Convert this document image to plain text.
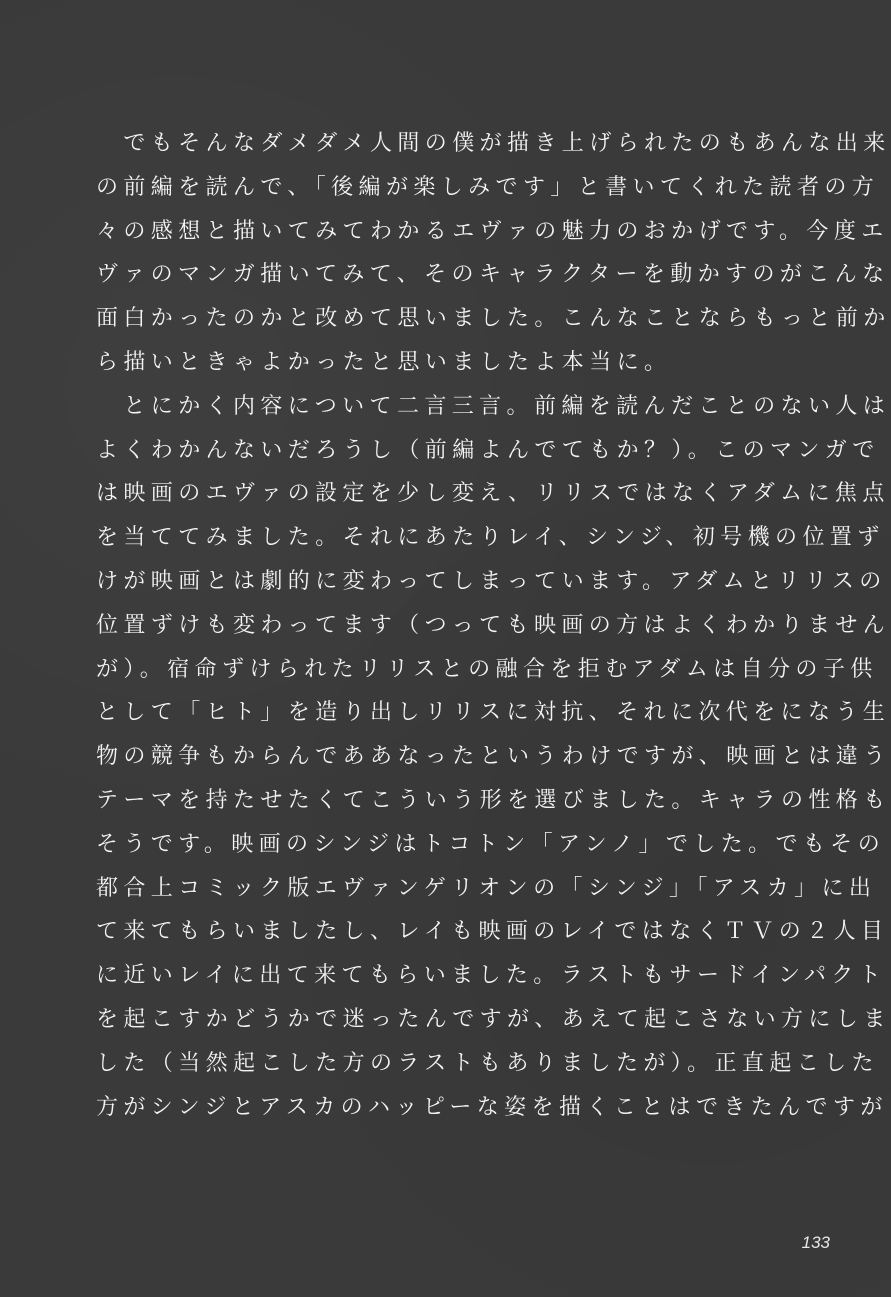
　でもそんなダメダメ人間の僕が描き上げられたのもあんな出来
の前編を読んで、「後編が楽しみです」と書いてくれた読者の方
々の感想と描いてみてわかるエヴァの魅力のおかげです。今度エ
ヴァのマンガ描いてみて、そのキャラクターを動かすのがこんな
面白かったのかと改めて思いました。こんなことならもっと前か
ら描いときゃよかったと思いましたよ本当に。
　とにかく内容について二言三言。前編を読んだことのない人は
よくわかんないだろうし（前編よんでてもか？）。このマンガで
は映画のエヴァの設定を少し変え、リリスではなくアダムに焦点
を当ててみました。それにあたりレイ、シンジ、初号機の位置ず
けが映画とは劇的に変わってしまっています。アダムとリリスの
位置ずけも変わってます（つっても映画の方はよくわかりません
が）。宿命ずけられたリリスとの融合を拒むアダムは自分の子供
として「ヒト」を造り出しリリスに対抗、それに次代をになう生
物の競争もからんでああなったというわけですが、映画とは違う
テーマを持たせたくてこういう形を選びました。キャラの性格も
そうです。映画のシンジはトコトン「アンノ」でした。でもその
都合上コミック版エヴァンゲリオンの「シンジ」「アスカ」に出
て来てもらいましたし、レイも映画のレイではなくＴＶの２人目
に近いレイに出て来てもらいました。ラストもサードインパクト
を起こすかどうかで迷ったんですが、あえて起こさない方にしま
した（当然起こした方のラストもありましたが）。正直起こした
方がシンジとアスカのハッピーな姿を描くことはできたんですが
133
